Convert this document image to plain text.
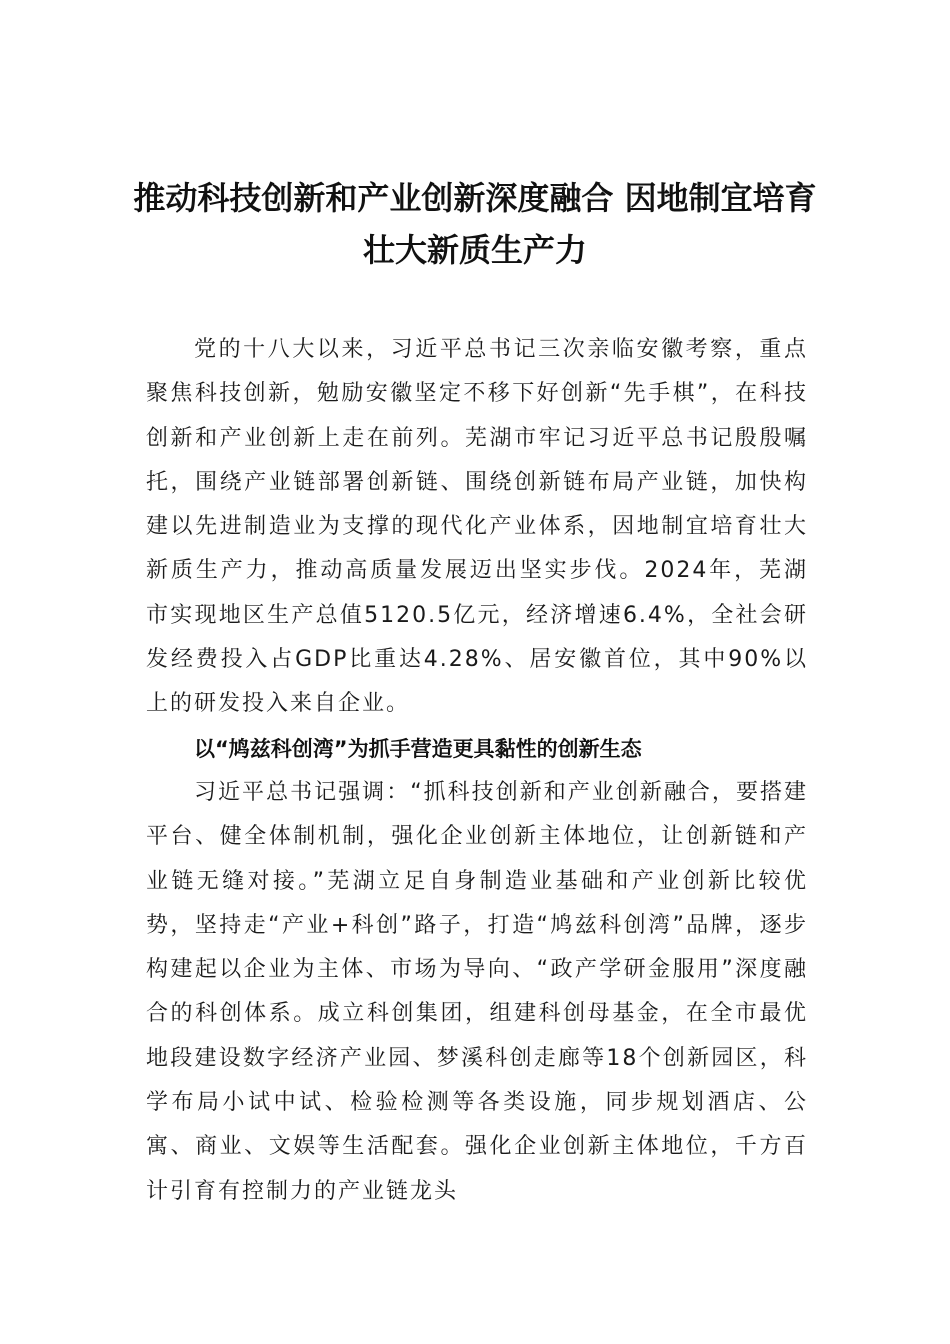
推动科技创新和产业创新深度融合 因地制宜培育壮大新质生产力

党的十八大以来，习近平总书记三次亲临安徽考察，重点聚焦科技创新，勉励安徽坚定不移下好创新“先手棋”，在科技创新和产业创新上走在前列。芜湖市牢记习近平总书记殷殷嘱托，围绕产业链部署创新链、围绕创新链布局产业链，加快构建以先进制造业为支撑的现代化产业体系，因地制宜培育壮大新质生产力，推动高质量发展迈出坚实步伐。2024年，芜湖市实现地区生产总值5120.5亿元，经济增速6.4%，全社会研发经费投入占GDP比重达4.28%、居安徽首位，其中90%以上的研发投入来自企业。

以“鸠兹科创湾”为抓手营造更具黏性的创新生态

习近平总书记强调：“抓科技创新和产业创新融合，要搭建平台、健全体制机制，强化企业创新主体地位，让创新链和产业链无缝对接。”芜湖立足自身制造业基础和产业创新比较优势，坚持走“产业+科创”路子，打造“鸠兹科创湾”品牌，逐步构建起以企业为主体、市场为导向、“政产学研金服用”深度融合的科创体系。成立科创集团，组建科创母基金，在全市最优地段建设数字经济产业园、梦溪科创走廊等18个创新园区，科学布局小试中试、检验检测等各类设施，同步规划酒店、公寓、商业、文娱等生活配套。强化企业创新主体地位，千方百计引育有控制力的产业链龙头
